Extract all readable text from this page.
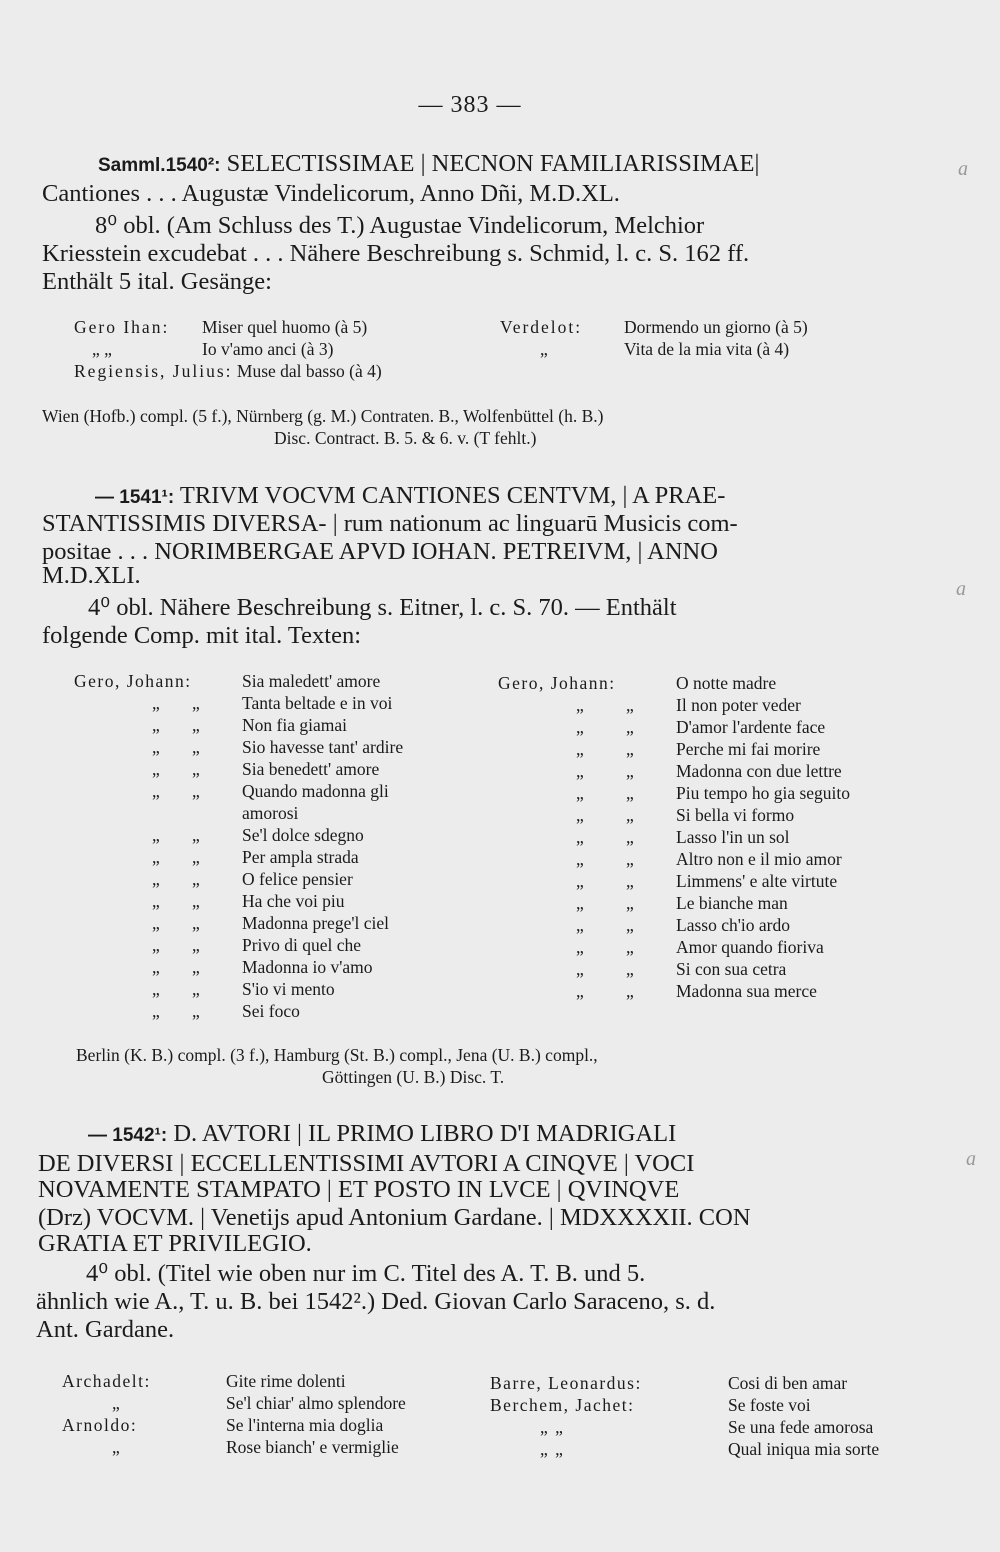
— 383 —
Samml.1540²: SELECTISSIMAE | NECNON FAMILIARISSIMAE|
Cantiones . . . Augustæ Vindelicorum, Anno Dñi, M.D.XL.
8⁰ obl. (Am Schluss des T.) Augustae Vindelicorum, Melchior
Kriesstein excudebat . . . Nähere Beschreibung s. Schmid, l. c. S. 162 ff.
Enthält 5 ital. Gesänge:
Gero Ihan: Miser quel huomo (à 5)
„ „	Io v'amo anci (à 3)
Regiensis, Julius: Muse dal basso (à 4)
Verdelot: Dormendo un giorno (à 5)
„	Vita de la mia vita (à 4)
Wien (Hofb.) compl. (5 f.), Nürnberg (g. M.) Contraten. B., Wolfenbüttel (h. B.)
Disc. Contract. B. 5. & 6. v. (T fehlt.)
— 1541¹: TRIVM VOCVM CANTIONES CENTVM, | A PRAE-
STANTISSIMIS DIVERSA- | rum nationum ac linguarū Musicis com-
positae . . . NORIMBERGAE APVD IOHAN. PETREIVM, | ANNO
M.D.XLI.
4⁰ obl. Nähere Beschreibung s. Eitner, l. c. S. 70. — Enthält
folgende Comp. mit ital. Texten:
Gero, Johann:			Sia maledett' amore
	„	„	Tanta beltade e in voi
	„	„	Non fia giamai
	„	„	Sio havesse tant' ardire
	„	„	Sia benedett' amore
	„	„	Quando madonna gli
			amorosi
	„	„	Se'l dolce sdegno
	„	„	Per ampla strada
	„	„	O felice pensier
	„	„	Ha che voi piu
	„	„	Madonna prege'l ciel
	„	„	Privo di quel che
	„	„	Madonna io v'amo
	„	„	S'io vi mento
	„	„	Sei foco
Gero, Johann:			O notte madre
	„	„	Il non poter veder
	„	„	D'amor l'ardente face
	„	„	Perche mi fai morire
	„	„	Madonna con due lettre
	„	„	Piu tempo ho gia seguito
	„	„	Si bella vi formo
	„	„	Lasso l'in un sol
	„	„	Altro non e il mio amor
	„	„	Limmens' e alte virtute
	„	„	Le bianche man
	„	„	Lasso ch'io ardo
	„	„	Amor quando fioriva
	„	„	Si con sua cetra
	„	„	Madonna sua merce
Berlin (K. B.) compl. (3 f.), Hamburg (St. B.) compl., Jena (U. B.) compl.,
Göttingen (U. B.) Disc. T.
— 1542¹: D. AVTORI | IL PRIMO LIBRO D'I MADRIGALI
DE DIVERSI | ECCELLENTISSIMI AVTORI A CINQVE | VOCI
NOVAMENTE STAMPATO | ET POSTO IN LVCE | QVINQVE
(Drz) VOCVM. | Venetijs apud Antonium Gardane. | MDXXXXII. CON
GRATIA ET PRIVILEGIO.
4⁰ obl. (Titel wie oben nur im C. Titel des A. T. B. und 5.
ähnlich wie A., T. u. B. bei 1542².) Ded. Giovan Carlo Saraceno, s. d.
Ant. Gardane.
Archadelt:	Gite rime dolenti
„	Se'l chiar' almo splendore
Arnoldo:	Se l'interna mia doglia
„	Rose bianch' e vermiglie
Barre, Leonardus:	Cosi di ben amar
Berchem, Jachet:	Se foste voi
„ „	Se una fede amorosa
„ „	Qual iniqua mia sorte
a
a
a
